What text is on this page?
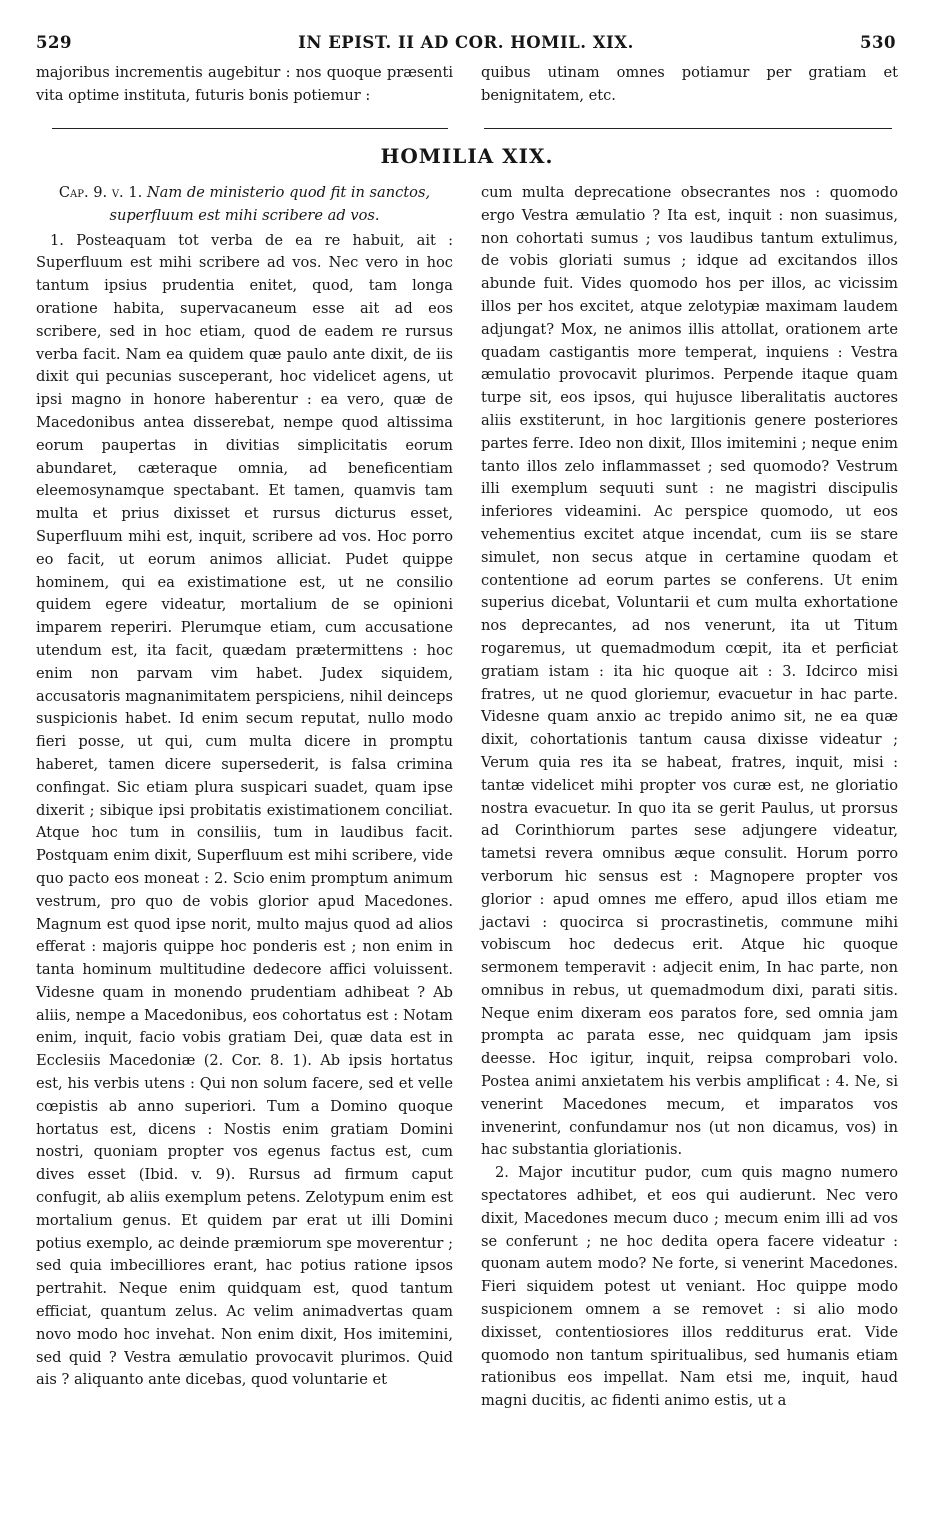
529	IN EPIST. II AD COR. HOMIL. XIX.	530

majoribus incrementis augebitur : nos quoque præsenti vita optime instituta, futuris bonis potiemur :

quibus utinam omnes potiamur per gratiam et benignitatem, etc.

HOMILIA XIX.
Cap. 9. v. 1. Nam de ministerio quod fit in sanctos, superfluum est mihi scribere ad vos.

1. Posteaquam tot verba de ea re habuit, ait : Superfluum est mihi scribere ad vos. Nec vero in hoc tantum ipsius prudentia enitet, quod, tam longa oratione habita, supervacaneum esse ait ad eos scribere, sed in hoc etiam, quod de eadem re rursus verba facit. Nam ea quidem quæ paulo ante dixit, de iis dixit qui pecunias susceperant, hoc videlicet agens, ut ipsi magno in honore haberentur : ea vero, quæ de Macedonibus antea disserebat, nempe quod altissima eorum paupertas in divitias simplicitatis eorum abundaret, cæteraque omnia, ad beneficentiam eleemosynamque spectabant. Et tamen, quamvis tam multa et prius dixisset et rursus dicturus esset, Superfluum mihi est, inquit, scribere ad vos. Hoc porro eo facit, ut eorum animos alliciat. Pudet quippe hominem, qui ea existimatione est, ut ne consilio quidem egere videatur, mortalium de se opinioni imparem reperiri. Plerumque etiam, cum accusatione utendum est, ita facit, quædam prætermittens : hoc enim non parvam vim habet. Judex siquidem, accusatoris magnanimitatem perspiciens, nihil deinceps suspicionis habet. Id enim secum reputat, nullo modo fieri posse, ut qui, cum multa dicere in promptu haberet, tamen dicere supersederit, is falsa crimina confingat. Sic etiam plura suspicari suadet, quam ipse dixerit ; sibique ipsi probitatis existimationem conciliat. Atque hoc tum in consiliis, tum in laudibus facit. Postquam enim dixit, Superfluum est mihi scribere, vide quo pacto eos moneat : 2. Scio enim promptum animum vestrum, pro quo de vobis glorior apud Macedones. Magnum est quod ipse norit, multo majus quod ad alios efferat : majoris quippe hoc ponderis est ; non enim in tanta hominum multitudine dedecore affici voluissent. Videsne quam in monendo prudentiam adhibeat ? Ab aliis, nempe a Macedonibus, eos cohortatus est : Notam enim, inquit, facio vobis gratiam Dei, quæ data est in Ecclesiis Macedoniæ (2. Cor. 8. 1). Ab ipsis hortatus est, his verbis utens : Qui non solum facere, sed et velle cœpistis ab anno superiori. Tum a Domino quoque hortatus est, dicens : Nostis enim gratiam Domini nostri, quoniam propter vos egenus factus est, cum dives esset (Ibid. v. 9). Rursus ad firmum caput confugit, ab aliis exemplum petens. Zelotypum enim est mortalium genus. Et quidem par erat ut illi Domini potius exemplo, ac deinde præmiorum spe moverentur ; sed quia imbecilliores erant, hac potius ratione ipsos pertrahit. Neque enim quidquam est, quod tantum efficiat, quantum zelus. Ac velim animadvertas quam novo modo hoc invehat. Non enim dixit, Hos imitemini, sed quid ? Vestra æmulatio provocavit plurimos. Quid ais ? aliquanto ante dicebas, quod voluntarie et

cum multa deprecatione obsecrantes nos : quomodo ergo Vestra æmulatio ? Ita est, inquit : non suasimus, non cohortati sumus ; vos laudibus tantum extulimus, de vobis gloriati sumus ; idque ad excitandos illos abunde fuit. Vides quomodo hos per illos, ac vicissim illos per hos excitet, atque zelotypiæ maximam laudem adjungat? Mox, ne animos illis attollat, orationem arte quadam castigantis more temperat, inquiens : Vestra æmulatio provocavit plurimos. Perpende itaque quam turpe sit, eos ipsos, qui hujusce liberalitatis auctores aliis exstiterunt, in hoc largitionis genere posteriores partes ferre. Ideo non dixit, Illos imitemini ; neque enim tanto illos zelo inflammasset ; sed quomodo? Vestrum illi exemplum sequuti sunt : ne magistri discipulis inferiores videamini. Ac perspice quomodo, ut eos vehementius excitet atque incendat, cum iis se stare simulet, non secus atque in certamine quodam et contentione ad eorum partes se conferens. Ut enim superius dicebat, Voluntarii et cum multa exhortatione nos deprecantes, ad nos venerunt, ita ut Titum rogaremus, ut quemadmodum cœpit, ita et perficiat gratiam istam : ita hic quoque ait : 3. Idcirco misi fratres, ut ne quod gloriemur, evacuetur in hac parte. Videsne quam anxio ac trepido animo sit, ne ea quæ dixit, cohortationis tantum causa dixisse videatur ; Verum quia res ita se habeat, fratres, inquit, misi : tantæ videlicet mihi propter vos curæ est, ne gloriatio nostra evacuetur. In quo ita se gerit Paulus, ut prorsus ad Corinthiorum partes sese adjungere videatur, tametsi revera omnibus æque consulit. Horum porro verborum hic sensus est : Magnopere propter vos glorior : apud omnes me effero, apud illos etiam me jactavi : quocirca si procrastinetis, commune mihi vobiscum hoc dedecus erit. Atque hic quoque sermonem temperavit : adjecit enim, In hac parte, non omnibus in rebus, ut quemadmodum dixi, parati sitis. Neque enim dixeram eos paratos fore, sed omnia jam prompta ac parata esse, nec quidquam jam ipsis deesse. Hoc igitur, inquit, reipsa comprobari volo. Postea animi anxietatem his verbis amplificat : 4. Ne, si venerint Macedones mecum, et imparatos vos invenerint, confundamur nos (ut non dicamus, vos) in hac substantia gloriationis.

2. Major incutitur pudor, cum quis magno numero spectatores adhibet, et eos qui audierunt. Nec vero dixit, Macedones mecum duco ; mecum enim illi ad vos se conferunt ; ne hoc dedita opera facere videatur : quonam autem modo? Ne forte, si venerint Macedones. Fieri siquidem potest ut veniant. Hoc quippe modo suspicionem omnem a se removet : si alio modo dixisset, contentiosiores illos redditurus erat. Vide quomodo non tantum spiritualibus, sed humanis etiam rationibus eos impellat. Nam etsi me, inquit, haud magni ducitis, ac fidenti animo estis, ut a
